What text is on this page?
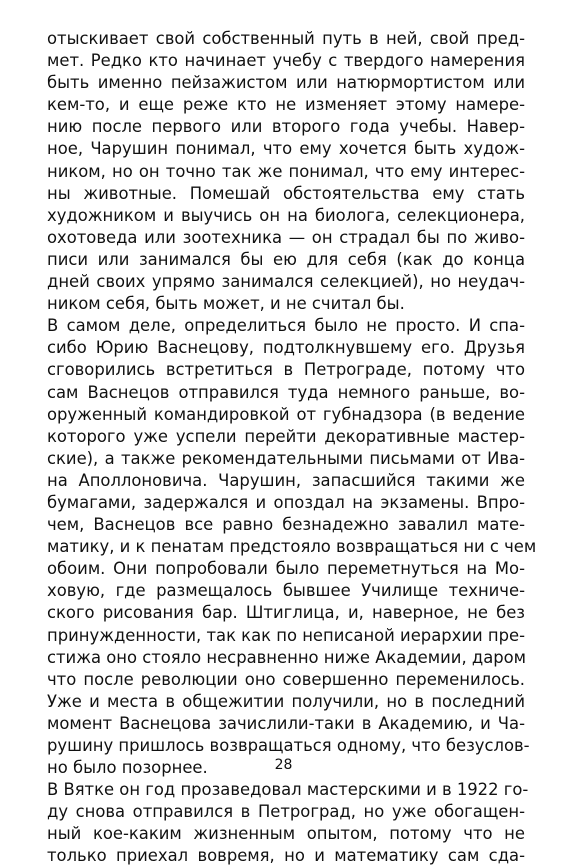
отыскивает свой собственный путь в ней, свой пред-
мет. Редко кто начинает учебу с твердого намерения
быть именно пейзажистом или натюрмортистом или
кем-то, и еще реже кто не изменяет этому намере-
нию после первого или второго года учебы. Навер-
ное, Чарушин понимал, что ему хочется быть худож-
ником, но он точно так же понимал, что ему интерес-
ны животные. Помешай обстоятельства ему стать
художником и выучись он на биолога, селекционера,
охотоведа или зоотехника — он страдал бы по живо-
писи или занимался бы ею для себя (как до конца
дней своих упрямо занимался селекцией), но неудач-
ником себя, быть может, и не считал бы.
В самом деле, определиться было не просто. И спа-
сибо Юрию Васнецову, подтолкнувшему его. Друзья
сговорились встретиться в Петрограде, потому что
сам Васнецов отправился туда немного раньше, во-
оруженный командировкой от губнадзора (в ведение
которого уже успели перейти декоративные мастер-
ские), а также рекомендательными письмами от Ива-
на Аполлоновича. Чарушин, запасшийся такими же
бумагами, задержался и опоздал на экзамены. Впро-
чем, Васнецов все равно безнадежно завалил мате-
матику, и к пенатам предстояло возвращаться ни с чем
обоим. Они попробовали было переметнуться на Мо-
ховую, где размещалось бывшее Училище техниче-
ского рисования бар. Штиглица, и, наверное, не без
принужденности, так как по неписаной иерархии пре-
стижа оно стояло несравненно ниже Академии, даром
что после революции оно совершенно переменилось.
Уже и места в общежитии получили, но в последний
момент Васнецова зачислили-таки в Академию, и Ча-
рушину пришлось возвращаться одному, что безуслов-
но было позорнее.
В Вятке он год прозаведовал мастерскими и в 1922 го-
ду снова отправился в Петроград, но уже обогащен-
ный кое-каким жизненным опытом, потому что не
только приехал вовремя, но и математику сам сда-
28
